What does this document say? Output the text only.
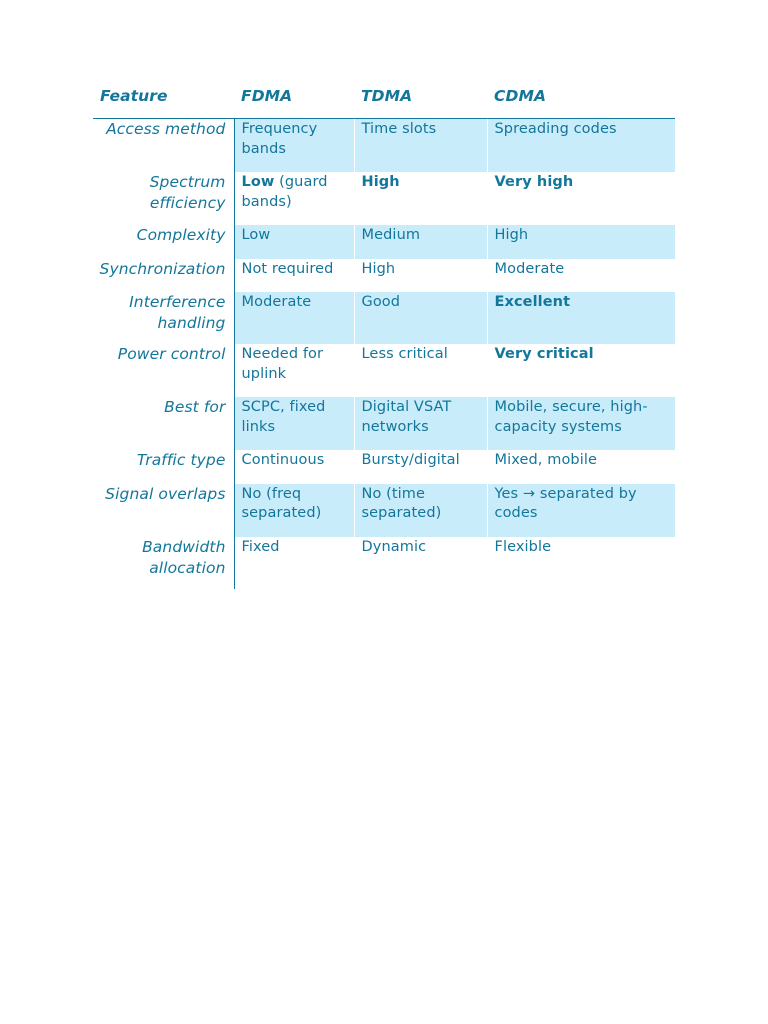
Feature	FDMA	TDMA	CDMA
Access method	Frequency bands	Time slots	Spreading codes
Spectrum efficiency	Low (guard bands)	High	Very high
Complexity	Low	Medium	High
Synchronization	Not required	High	Moderate
Interference handling	Moderate	Good	Excellent
Power control	Needed for uplink	Less critical	Very critical
Best for	SCPC, fixed links	Digital VSAT networks	Mobile, secure, high-capacity systems
Traffic type	Continuous	Bursty/digital	Mixed, mobile
Signal overlaps	No (freq separated)	No (time separated)	Yes → separated by codes
Bandwidth allocation	Fixed	Dynamic	Flexible
